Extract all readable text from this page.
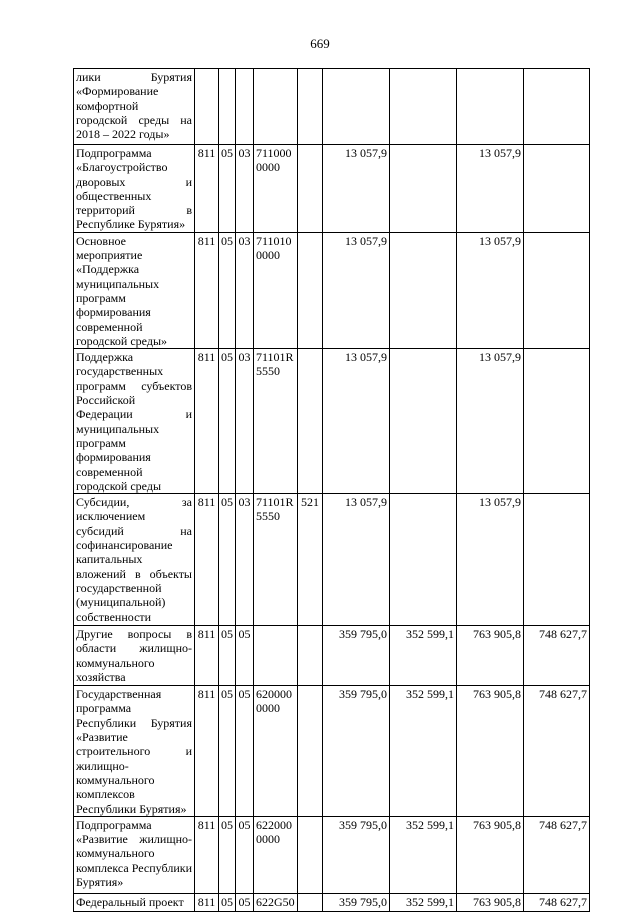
669
лики Бурятия «Формирование комфортной городской среды на 2018 – 2022 годы»									
Подпрограмма «Благоустройство дворовых и общественных территорий в Республике Бурятия»	811	05	03	711000 0000		13 057,9		13 057,9	
Основное мероприятие «Поддержка муниципальных программ формирования современной городской среды»	811	05	03	711010 0000		13 057,9		13 057,9	
Поддержка государственных программ субъектов Российской Федерации и муниципальных программ формирования современной городской среды	811	05	03	71101R 5550		13 057,9		13 057,9	
Субсидии, за исключением субсидий на софинансирование капитальных вложений в объекты государственной (муниципальной) собственности	811	05	03	71101R 5550	521	13 057,9		13 057,9	
Другие вопросы в области жилищно-коммунального хозяйства	811	05	05			359 795,0	352 599,1	763 905,8	748 627,7
Государственная программа Республики Бурятия «Развитие строительного и жилищно-коммунального комплексов Республики Бурятия»	811	05	05	620000 0000		359 795,0	352 599,1	763 905,8	748 627,7
Подпрограмма «Развитие жилищно-коммунального комплекса Республики Бурятия»	811	05	05	622000 0000		359 795,0	352 599,1	763 905,8	748 627,7
Федеральный проект	811	05	05	622G50		359 795,0	352 599,1	763 905,8	748 627,7
